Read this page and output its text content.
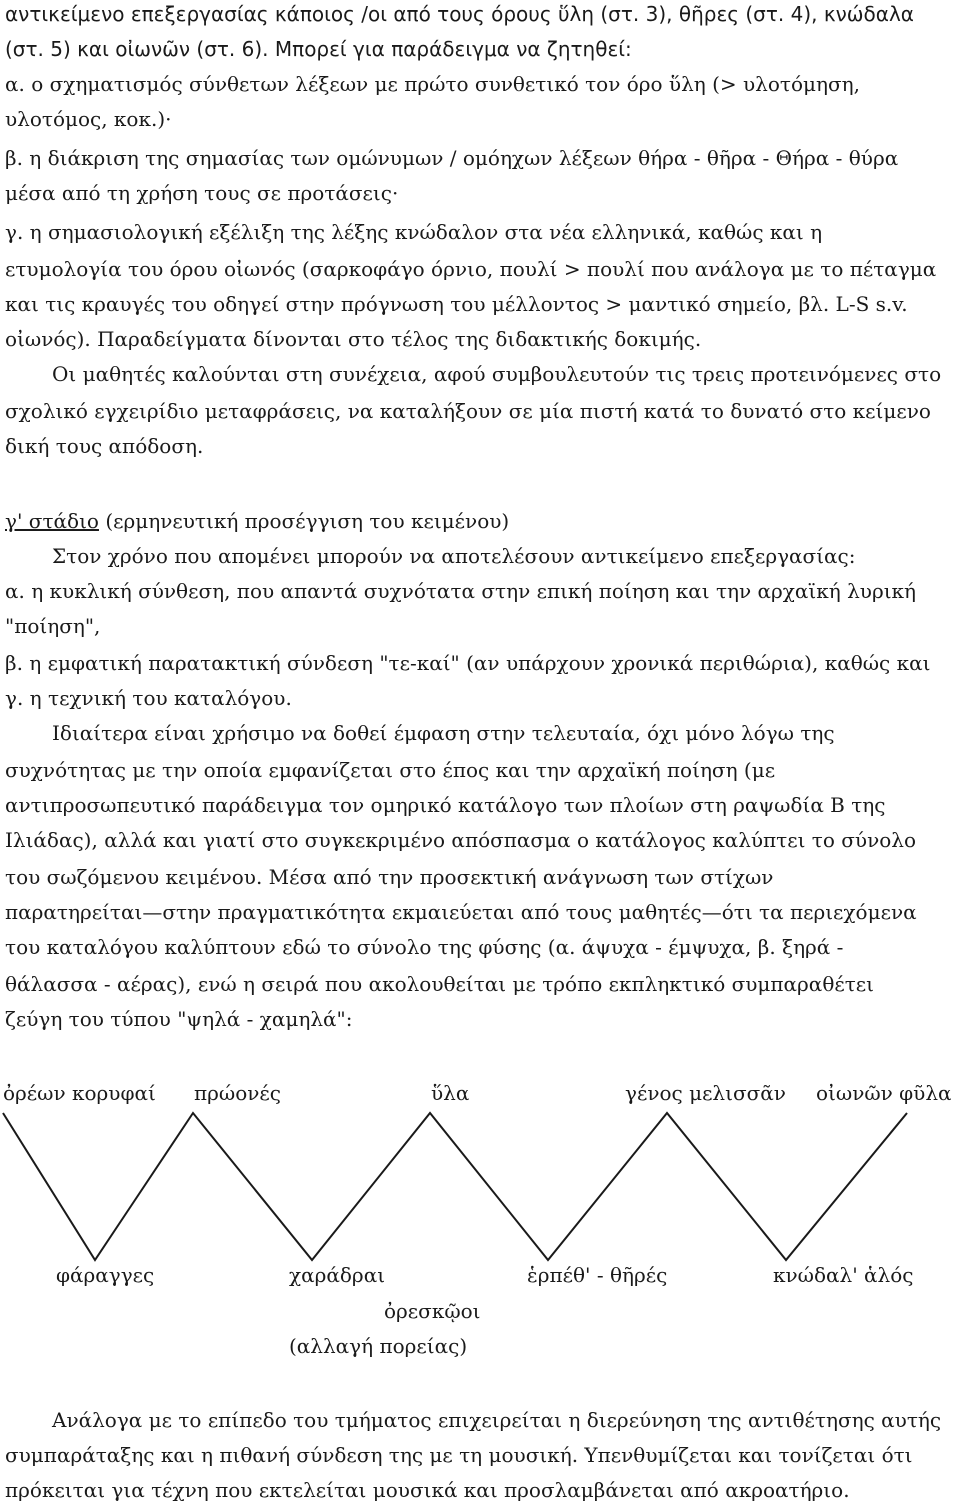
αντικείμενο επεξεργασίας κάποιος /οι από τους όρους ὕλη (στ. 3), θῆρες (στ. 4), κνώδαλα
(στ. 5) και οἰωνῶν (στ. 6). Μπορεί για παράδειγμα να ζητηθεί:
α. ο σχηματισμός σύνθετων λέξεων με πρώτο συνθετικό τον όρο ὕλη (> υλοτόμηση,
υλοτόμος, κοκ.)·
β. η διάκριση της σημασίας των ομώνυμων / ομόηχων λέξεων θήρα - θῆρα - Θήρα - θύρα
μέσα από τη χρήση τους σε προτάσεις·
γ. η σημασιολογική εξέλιξη της λέξης κνώδαλον στα νέα ελληνικά, καθώς και η
ετυμολογία του όρου οἰωνός (σαρκοφάγο όρνιο, πουλί > πουλί που ανάλογα με το πέταγμα
και τις κραυγές του οδηγεί στην πρόγνωση του μέλλοντος > μαντικό σημείο, βλ. L-S s.v.
οἰωνός). Παραδείγματα δίνονται στο τέλος της διδακτικής δοκιμής.
Οι μαθητές καλούνται στη συνέχεια, αφού συμβουλευτούν τις τρεις προτεινόμενες στο
σχολικό εγχειρίδιο μεταφράσεις, να καταλήξουν σε μία πιστή κατά το δυνατό στο κείμενο
δική τους απόδοση.
γ' στάδιο (ερμηνευτική προσέγγιση του κειμένου)
Στον χρόνο που απομένει μπορούν να αποτελέσουν αντικείμενο επεξεργασίας:
α. η κυκλική σύνθεση, που απαντά συχνότατα στην επική ποίηση και την αρχαϊκή λυρική
"ποίηση",
β. η εμφατική παρατακτική σύνδεση "τε-καί" (αν υπάρχουν χρονικά περιθώρια), καθώς και
γ. η τεχνική του καταλόγου.
Ιδιαίτερα είναι χρήσιμο να δοθεί έμφαση στην τελευταία, όχι μόνο λόγω της
συχνότητας με την οποία εμφανίζεται στο έπος και την αρχαϊκή ποίηση (με
αντιπροσωπευτικό παράδειγμα τον ομηρικό κατάλογο των πλοίων στη ραψωδία Β της
Ιλιάδας), αλλά και γιατί στο συγκεκριμένο απόσπασμα ο κατάλογος καλύπτει το σύνολο
του σωζόμενου κειμένου. Μέσα από την προσεκτική ανάγνωση των στίχων
παρατηρείται—στην πραγματικότητα εκμαιεύεται από τους μαθητές—ότι τα περιεχόμενα
του καταλόγου καλύπτουν εδώ το σύνολο της φύσης (α. άψυχα - έμψυχα, β. ξηρά -
θάλασσα - αέρας), ενώ η σειρά που ακολουθείται με τρόπο εκπληκτικό συμπαραθέτει
ζεύγη του τύπου "ψηλά - χαμηλά":
ὀρέων κορυφαί πρώονές	ὕλα	γένος μελισσᾶν οἰωνῶν φῦλα
φάραγγες	χαράδραι	ἑρπέθ' - θῆρές	κνώδαλ' ἁλός
ὀρεσκῷοι
(αλλαγή πορείας)
Ανάλογα με το επίπεδο του τμήματος επιχειρείται η διερεύνηση της αντιθέτησης αυτής
συμπαράταξης και η πιθανή σύνδεση της με τη μουσική. Υπενθυμίζεται και τονίζεται ότι
πρόκειται για τέχνη που εκτελείται μουσικά και προσλαμβάνεται από ακροατήριο.
